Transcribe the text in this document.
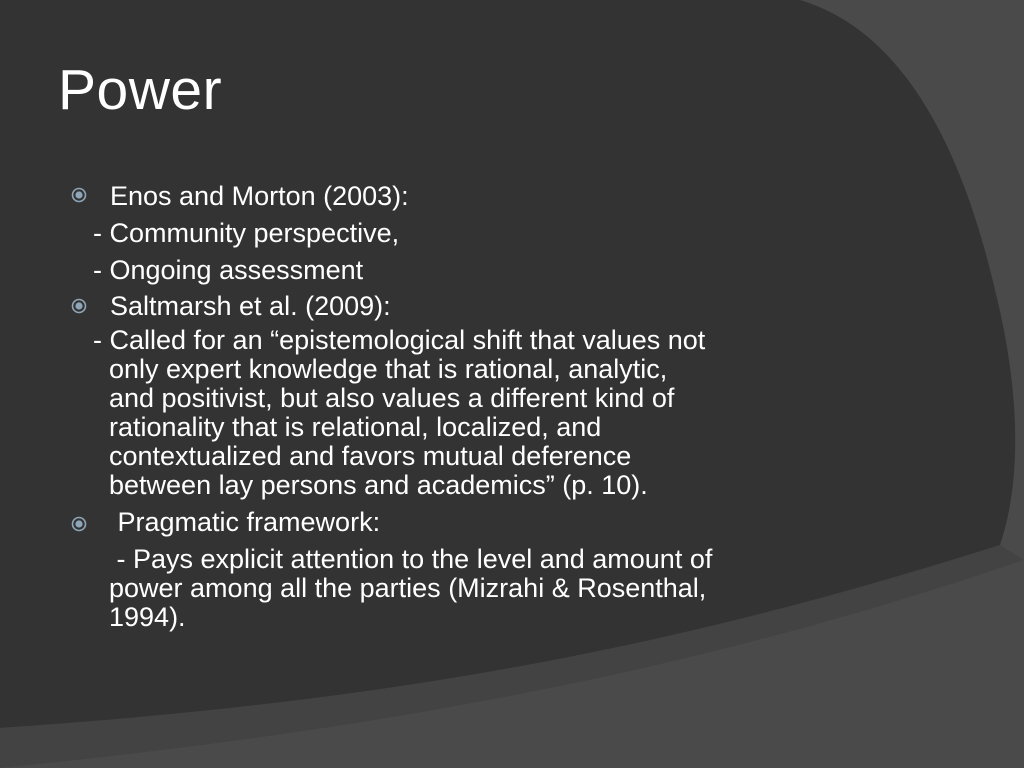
Power
Enos and Morton (2003):
- Community perspective,
- Ongoing assessment
Saltmarsh et al. (2009):
- Called for an “epistemological shift that values not
only expert knowledge that is rational, analytic,
and positivist, but also values a different kind of
rationality that is relational, localized, and
contextualized and favors mutual deference
between lay persons and academics” (p. 10).
Pragmatic framework:
- Pays explicit attention to the level and amount of
power among all the parties (Mizrahi & Rosenthal,
1994).
